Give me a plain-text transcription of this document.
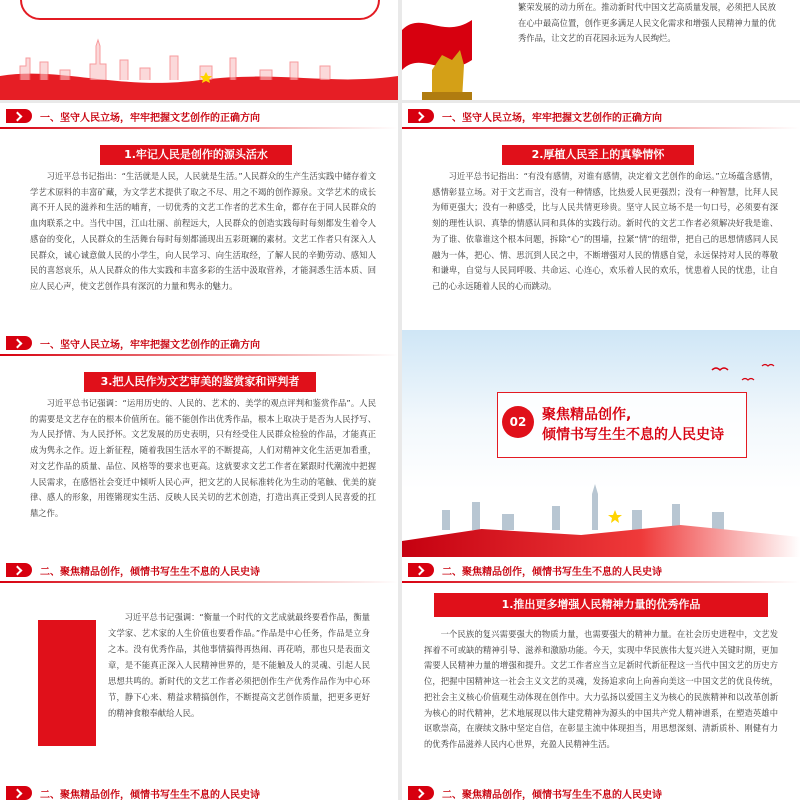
繁荣发展的动力所在。推动新时代中国文艺高质量发展，必须把人民放在心中最高位置，创作更多满足人民文化需求和增强人民精神力量的优秀作品，让文艺的百花园永远为人民绚烂。
一、坚守人民立场，牢牢把握文艺创作的正确方向
1.牢记人民是创作的源头活水
习近平总书记指出：“生活就是人民，人民就是生活。”人民群众的生产生活实践中储存着文学艺术原料的丰富矿藏，为文学艺术提供了取之不尽、用之不竭的创作源泉。文学艺术的成长离不开人民的滋养和生活的哺育，一切优秀的文艺工作者的艺术生命，都存在于同人民群众的血肉联系之中。当代中国，江山壮丽、前程远大，人民群众的创造实践每时每刻都发生着令人感奋的变化，人民群众的生活舞台每时每刻都涌现出五彩斑斓的素材。文艺工作者只有深入人民群众，诚心诚意做人民的小学生，向人民学习、向生活取经，了解人民的辛勤劳动、感知人民的喜怒哀乐，从人民群众的伟大实践和丰富多彩的生活中汲取营养，才能洞悉生活本质、回应人民心声，使文艺创作具有深沉的力量和隽永的魅力。
一、坚守人民立场，牢牢把握文艺创作的正确方向
2.厚植人民至上的真挚情怀
习近平总书记指出：“有没有感情，对谁有感情，决定着文艺创作的命运。”立场蕴含感情，感情彰显立场。对于文艺而言，没有一种情感，比热爱人民更强烈；没有一种智慧，比拜人民为师更强大；没有一种感受，比与人民共情更珍贵。坚守人民立场不是一句口号，必须要有深刻的理性认识、真挚的情感认同和具体的实践行动。新时代的文艺工作者必须解决好我是谁、为了谁、依靠谁这个根本问题，拆除“心”的围墙，拉紧“情”的纽带，把自己的思想情感同人民融为一体，把心、情、思沉到人民之中，不断增强对人民的情感自觉，永远保持对人民的尊敬和谦卑，自觉与人民同呼吸、共命运、心连心，欢乐着人民的欢乐，忧患着人民的忧患，让自己的心永远随着人民的心而跳动。
一、坚守人民立场，牢牢把握文艺创作的正确方向
3.把人民作为文艺审美的鉴赏家和评判者
习近平总书记强调：“运用历史的、人民的、艺术的、美学的观点评判和鉴赏作品”。人民的需要是文艺存在的根本价值所在。能不能创作出优秀作品，根本上取决于是否为人民抒写、为人民抒情、为人民抒怀。文艺发展的历史表明，只有经受住人民群众检验的作品，才能真正成为隽永之作。迈上新征程，随着我国生活水平的不断提高，人们对精神文化生活更加看重，对文艺作品的质量、品位、风格等的要求也更高。这就要求文艺工作者在紧跟时代潮流中把握人民需求，在感悟社会变迁中倾听人民心声，把文艺的人民标准转化为生动的笔触、优美的旋律、感人的形象，用铿锵现实生活、反映人民关切的艺术创造，打造出真正受到人民喜爱的扛鼎之作。
02	聚焦精品创作,
倾情书写生生不息的人民史诗
二、聚焦精品创作，倾情书写生生不息的人民史诗
习近平总书记强调：“衡量一个时代的文艺成就最终要看作品，衡量文学家、艺术家的人生价值也要看作品。”作品是中心任务，作品是立身之本。没有优秀作品，其他事情搞得再热闹、再花哨，那也只是表面文章，是不能真正深入人民精神世界的，是不能触及人的灵魂、引起人民思想共鸣的。新时代的文艺工作者必须把创作生产优秀作品作为中心环节，静下心来、精益求精搞创作，不断提高文艺创作质量，把更多更好的精神食粮奉献给人民。
二、聚焦精品创作，倾情书写生生不息的人民史诗
1.推出更多增强人民精神力量的优秀作品
一个民族的复兴需要强大的物质力量，也需要强大的精神力量。在社会历史进程中，文艺发挥着不可或缺的精神引导、滋养和激励功能。今天，实现中华民族伟大复兴进入关键时期，更加需要人民精神力量的增强和提升。文艺工作者应当立足新时代新征程这一当代中国文艺的历史方位，把握中国精神这一社会主义文艺的灵魂，发扬追求向上向善向美这一中国文艺的优良传统，把社会主义核心价值观生动体现在创作中。大力弘扬以爱国主义为核心的民族精神和以改革创新为核心的时代精神，艺术地展现以伟大建党精神为源头的中国共产党人精神谱系，在塑造英雄中讴歌崇高，在赓续文脉中坚定自信，在彰显主流中体现担当，用思想深刻、清新质朴、刚健有力的优秀作品滋养人民内心世界，充盈人民精神生活。
二、聚焦精品创作，倾情书写生生不息的人民史诗	二、聚焦精品创作，倾情书写生生不息的人民史诗
